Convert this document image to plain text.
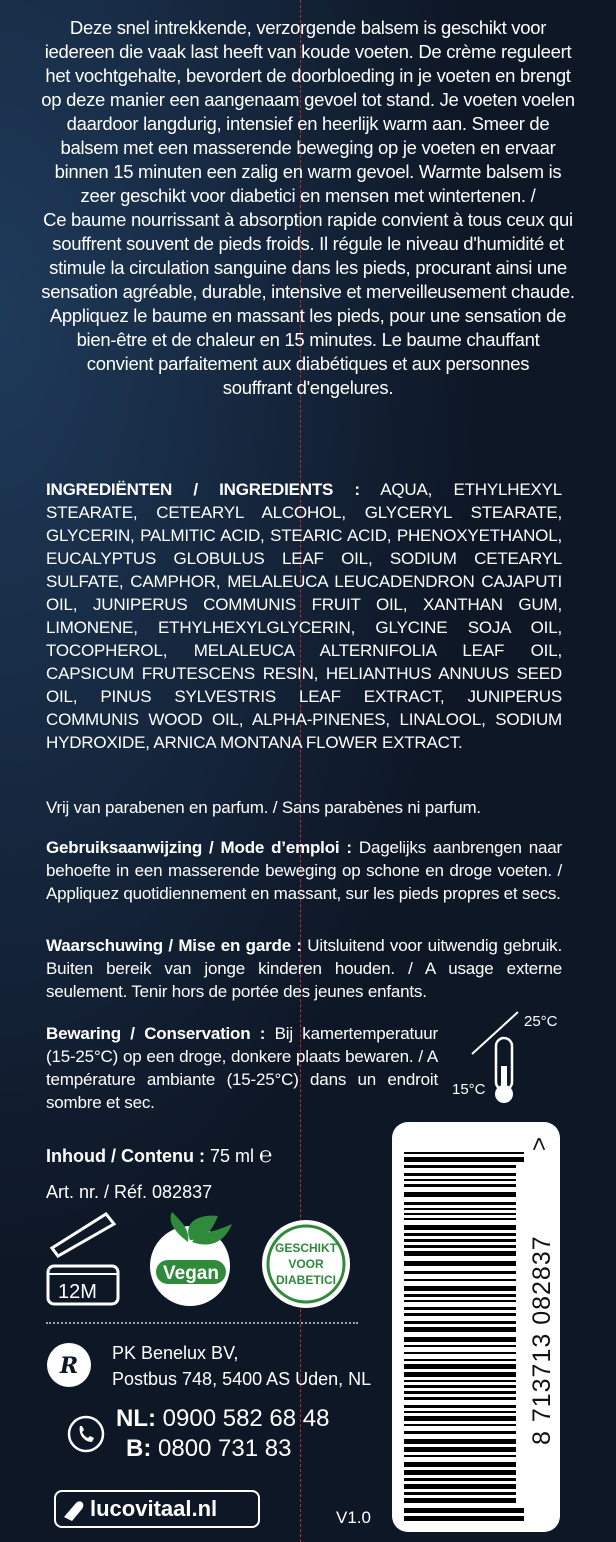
Deze snel intrekkende, verzorgende balsem is geschikt voor
iedereen die vaak last heeft van koude voeten. De crème reguleert
het vochtgehalte, bevordert de doorbloeding in je voeten en brengt
op deze manier een aangenaam gevoel tot stand. Je voeten voelen
daardoor langdurig, intensief en heerlijk warm aan. Smeer de
balsem met een masserende beweging op je voeten en ervaar
binnen 15 minuten een zalig en warm gevoel. Warmte balsem is
zeer geschikt voor diabetici en mensen met wintertenen. /
Ce baume nourrissant à absorption rapide convient à tous ceux qui
souffrent souvent de pieds froids. Il régule le niveau d'humidité et
stimule la circulation sanguine dans les pieds, procurant ainsi une
sensation agréable, durable, intensive et merveilleusement chaude.
Appliquez le baume en massant les pieds, pour une sensation de
bien-être et de chaleur en 15 minutes. Le baume chauffant
convient parfaitement aux diabétiques et aux personnes
souffrant d'engelures.
INGREDIËNTEN / INGREDIENTS : AQUA, ETHYLHEXYL STEARATE, CETEARYL ALCOHOL, GLYCERYL STEARATE, GLYCERIN, PALMITIC ACID, STEARIC ACID, PHENOXYETHANOL, EUCALYPTUS GLOBULUS LEAF OIL, SODIUM CETEARYL SULFATE, CAMPHOR, MELALEUCA LEUCADENDRON CAJAPUTI OIL, JUNIPERUS COMMUNIS FRUIT OIL, XANTHAN GUM, LIMONENE, ETHYLHEXYLGLYCERIN, GLYCINE SOJA OIL, TOCOPHEROL, MELALEUCA ALTERNIFOLIA LEAF OIL, CAPSICUM FRUTESCENS RESIN, HELIANTHUS ANNUUS SEED OIL, PINUS SYLVESTRIS LEAF EXTRACT, JUNIPERUS COMMUNIS WOOD OIL, ALPHA-PINENES, LINALOOL, SODIUM HYDROXIDE, ARNICA MONTANA FLOWER EXTRACT.
Vrij van parabenen en parfum. / Sans parabènes ni parfum.
Gebruiksaanwijzing / Mode d’emploi : Dagelijks aanbrengen naar behoefte in een masserende beweging op schone en droge voeten. / Appliquez quotidiennement en massant, sur les pieds propres et secs.
Waarschuwing / Mise en garde : Uitsluitend voor uitwendig gebruik. Buiten bereik van jonge kinderen houden. / A usage externe seulement. Tenir hors de portée des jeunes enfants.
Bewaring / Conservation : Bij kamertemperatuur (15-25°C) op een droge, donkere plaats bewaren. / A température ambiante (15-25°C) dans un endroit sombre et sec.
25°C
15°C
Inhoud / Contenu : 75 ml ℮
Art. nr. / Réf. 082837
12M
Vegan
GESCHIKT
VOOR
DIABETICI	8 713713 082837
>
R PK Benelux BV,
Postbus 748, 5400 AS Uden, NL
NL: 0900 582 68 48
B: 0800 731 83
lucovitaal.nl	V1.0
